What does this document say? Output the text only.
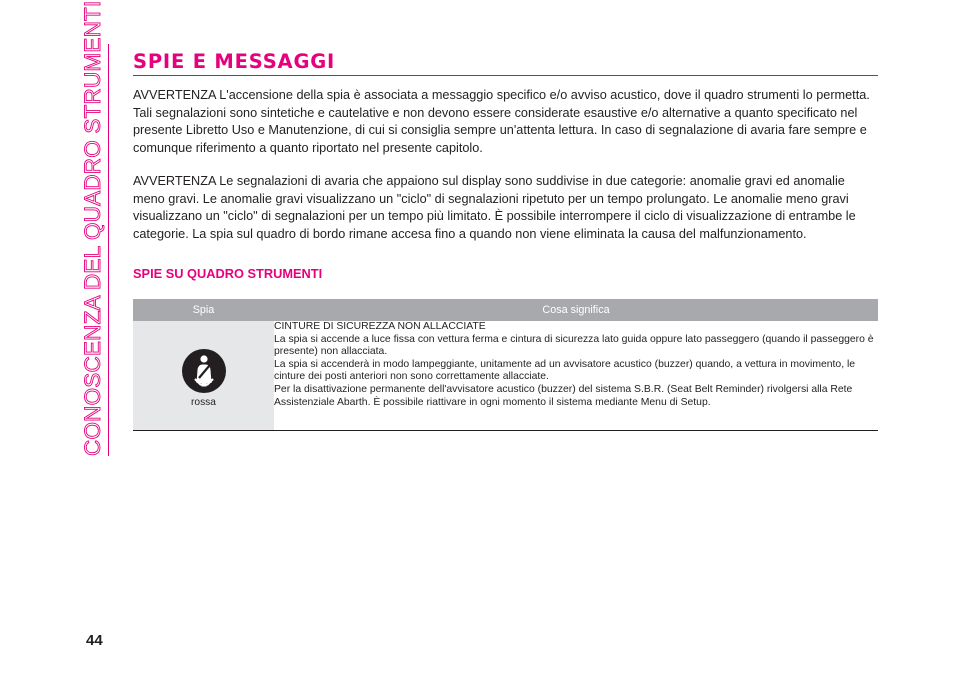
CONOSCENZA DEL QUADRO STRUMENTI SPIE E MESSAGGI

AVVERTENZA L'accensione della spia è associata a messaggio specifico e/o avviso acustico, dove il quadro strumenti lo permetta. Tali segnalazioni sono sintetiche e cautelative e non devono essere considerate esaustive e/o alternative a quanto specificato nel presente Libretto Uso e Manutenzione, di cui si consiglia sempre un'attenta lettura. In caso di segnalazione di avaria fare sempre e comunque riferimento a quanto riportato nel presente capitolo.

AVVERTENZA Le segnalazioni di avaria che appaiono sul display sono suddivise in due categorie: anomalie gravi ed anomalie meno gravi. Le anomalie gravi visualizzano un "ciclo" di segnalazioni ripetuto per un tempo prolungato. Le anomalie meno gravi visualizzano un "ciclo" di segnalazioni per un tempo più limitato. È possibile interrompere il ciclo di visualizzazione di entrambe le categorie. La spia sul quadro di bordo rimane accesa fino a quando non viene eliminata la causa del malfunzionamento.

SPIE SU QUADRO STRUMENTI
Spia	Cosa significa

rossa	CINTURE DI SICUREZZA NON ALLACCIATE

La spia si accende a luce fissa con vettura ferma e cintura di sicurezza lato guida oppure lato passeggero (quando il passeggero è presente) non allacciata.

La spia si accenderà in modo lampeggiante, unitamente ad un avvisatore acustico (buzzer) quando, a vettura in movimento, le cinture dei posti anteriori non sono correttamente allacciate.

Per la disattivazione permanente dell'avvisatore acustico (buzzer) del sistema S.B.R. (Seat Belt Reminder) rivolgersi alla Rete Assistenziale Abarth. È possibile riattivare in ogni momento il sistema mediante Menu di Setup.

44
